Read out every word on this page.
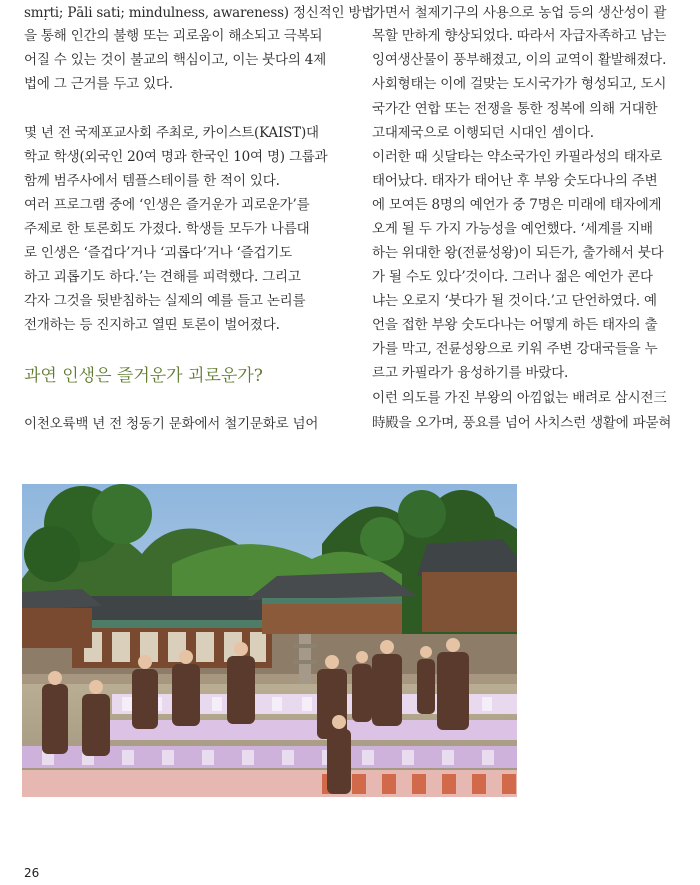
smṛti; Pāli sati; mindulness, awareness) 정신적인 방법
을 통해 인간의 불행 또는 괴로움이 해소되고 극복되
어질 수 있는 것이 불교의 핵심이고, 이는 붓다의 4제
법에 그 근거를 두고 있다.
몇 년 전 국제포교사회 주최로, 카이스트(KAIST)대
학교 학생(외국인 20여 명과 한국인 10여 명) 그룹과
함께 범주사에서 템플스테이를 한 적이 있다.
여러 프로그램 중에 ‘인생은 즐거운가 괴로운가’를
주제로 한 토론회도 가졌다. 학생들 모두가 나름대
로 인생은 ‘즐겁다’거나 ‘괴롭다’거나 ‘즐겁기도
하고 괴롭기도 하다.’는 견해를 피력했다. 그리고
각자 그것을 뒷받침하는 실제의 예를 들고 논리를
전개하는 등 진지하고 열띤 토론이 벌어졌다.
과연 인생은 즐거운가 괴로운가?
이천오륙백 년 전 청동기 문화에서 철기문화로 넘어
가면서 철제기구의 사용으로 농업 등의 생산성이 괄
목할 만하게 향상되었다. 따라서 자급자족하고 남는
잉여생산물이 풍부해졌고, 이의 교역이 활발해졌다.
사회형태는 이에 걸맞는 도시국가가 형성되고, 도시
국가간 연합 또는 전쟁을 통한 정복에 의해 거대한
고대제국으로 이행되던 시대인 셈이다.
이러한 때 싯달타는 약소국가인 카필라성의 태자로
태어났다. 태자가 태어난 후 부왕 숫도다나의 주변
에 모여든 8명의 예언가 중 7명은 미래에 태자에게
오게 될 두 가지 가능성을 예언했다. ‘세계를 지배
하는 위대한 왕(전륜성왕)이 되든가, 출가해서 붓다
가 될 수도 있다’것이다. 그러나 젊은 예언가 콘다
냐는 오로지 ‘붓다가 될 것이다.’고 단언하였다. 예
언을 접한 부왕 숫도다나는 어떻게 하든 태자의 출
가를 막고, 전륜성왕으로 키워 주변 강대국들을 누
르고 카필라가 융성하기를 바랐다.
이런 의도를 가진 부왕의 아낌없는 배려로 삼시전三
時殿을 오가며, 풍요를 넘어 사치스런 생활에 파묻혀
26
